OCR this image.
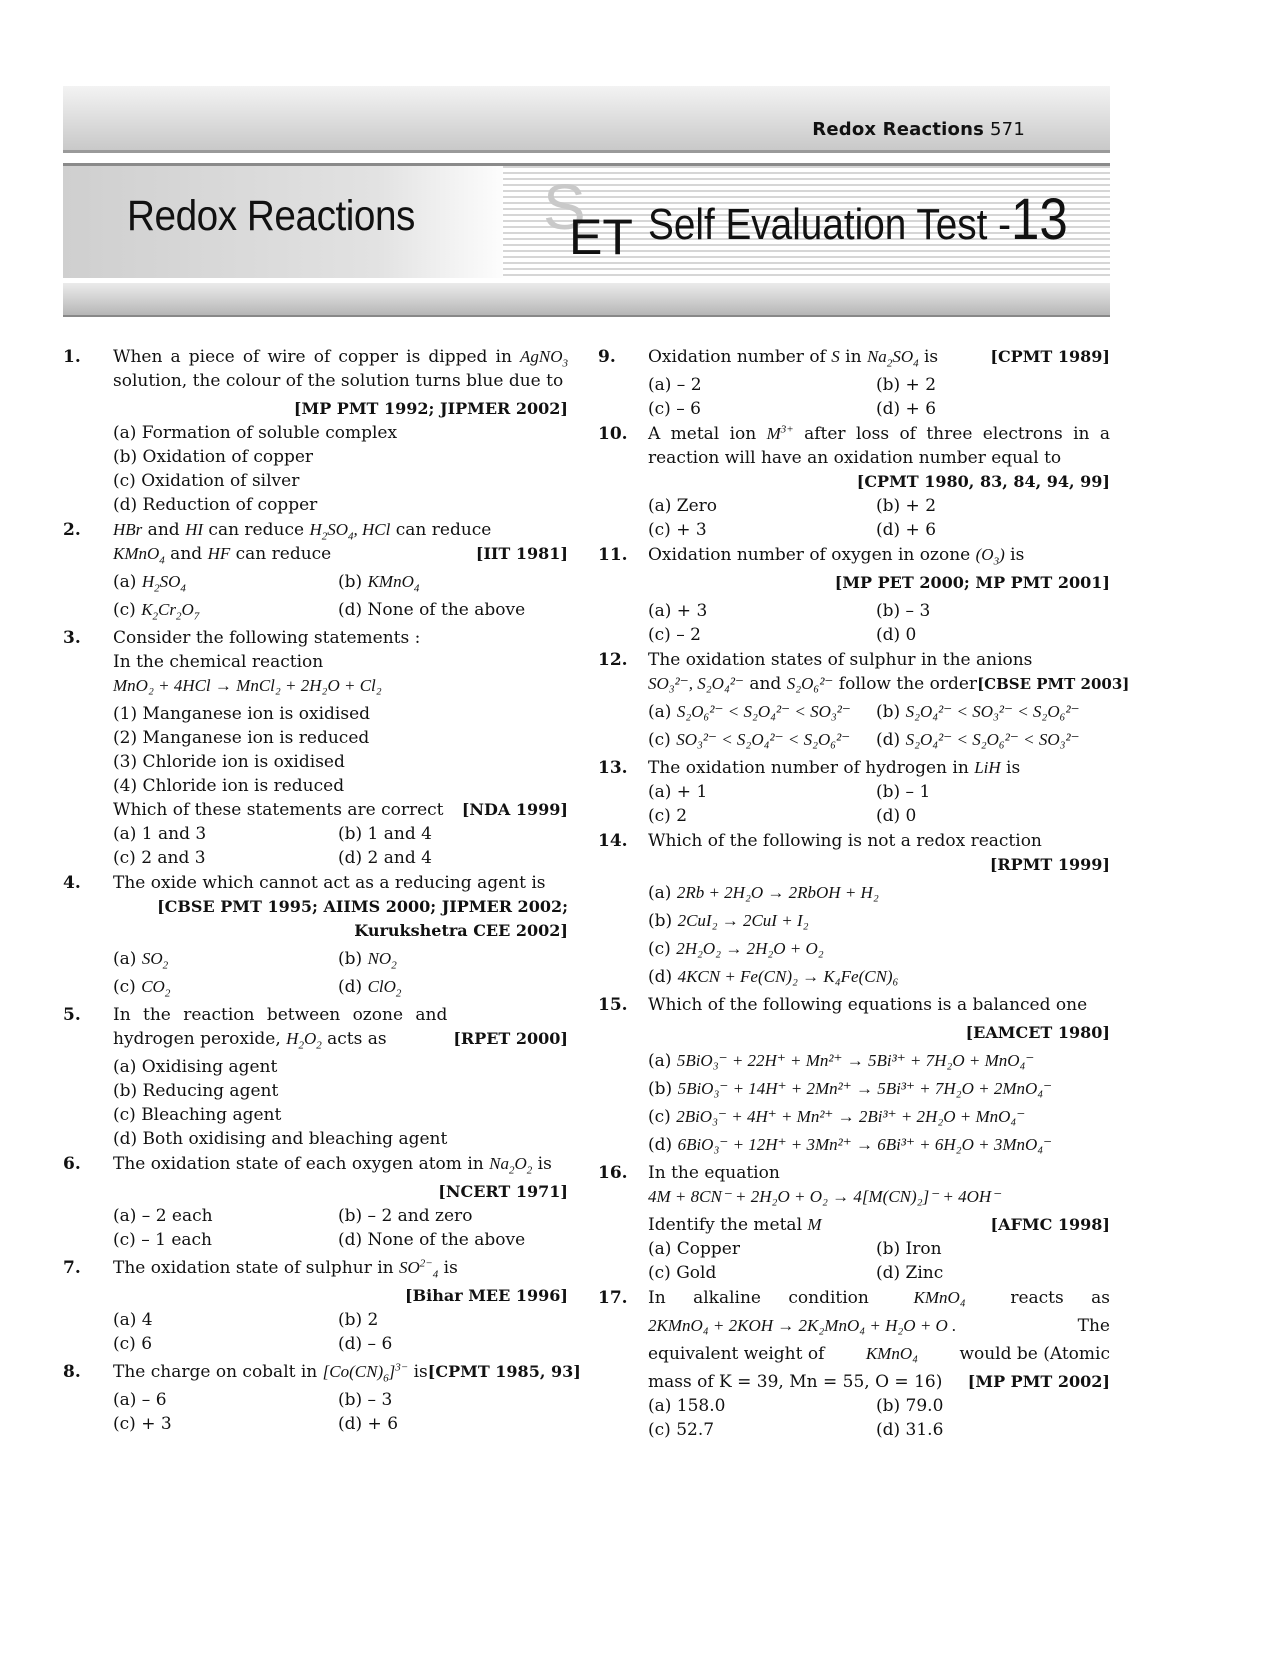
Redox Reactions 571
Redox Reactions S
ET Self Evaluation Test -13
1. When a piece of wire of copper is dipped in AgNO$_3$ solution, the colour of the solution turns blue due to
[MP PMT 1992; JIPMER 2002]
(a) Formation of soluble complex
(b) Oxidation of copper
(c) Oxidation of silver
(d) Reduction of copper
2. HBr and HI can reduce $H_2SO_4$, HCl can reduce
KMnO$_4$ and HF can reduce	[IIT 1981]
(a) $H_2SO_4$	(b) KMnO$_4$
(c) $K_2Cr_2O_7$	(d) None of the above
3. Consider the following statements :
In the chemical reaction
MnO₂ + 4HCl → MnCl₂ + 2H₂O + Cl₂
(1) Manganese ion is oxidised
(2) Manganese ion is reduced
(3) Chloride ion is oxidised
(4) Chloride ion is reduced
Which of these statements are correct [NDA 1999]
(a) 1 and 3	(b) 1 and 4
(c) 2 and 3	(d) 2 and 4
4. The oxide which cannot act as a reducing agent is
[CBSE PMT 1995; AIIMS 2000; JIPMER 2002;
Kurukshetra CEE 2002]
(a) $SO_2$	(b) $NO_2$
(c) $CO_2$	(d) ClO$_2$
5.
[RPET 2000]
In the reaction between ozone and hydrogen peroxide, $H_2O_2$ acts as
(a) Oxidising agent
(b) Reducing agent
(c) Bleaching agent
(d) Both oxidising and bleaching agent
6. The oxidation state of each oxygen atom in $Na_2O_2$ is
[NCERT 1971]
(a) – 2 each	(b) – 2 and zero
(c) – 1 each	(d) None of the above
7. The oxidation state of sulphur in $SO^{2-}_4$ is
[Bihar MEE 1996]
(a) 4	(b) 2
(c) 6	(d) – 6
8. The charge on cobalt in $[Co(CN)_6]^{3-}$ is[CPMT 1985, 93]
(a) – 6	(b) – 3
(c) + 3	(d) + 6
9. Oxidation number of S in $Na_2SO_4$ is	[CPMT 1989]
(a) – 2	(b) + 2
(c) – 6	(d) + 6
10. A metal ion $M^{3+}$ after loss of three electrons in a reaction will have an oxidation number equal to
[CPMT 1980, 83, 84, 94, 99]
(a) Zero	(b) + 2
(c) + 3	(d) + 6
11. Oxidation number of oxygen in ozone $(O_3)$ is
[MP PET 2000; MP PMT 2001]
(a) + 3	(b) – 3
(c) – 2	(d) 0
12. The oxidation states of sulphur in the anions
SO₃²⁻, S₂O₄²⁻ and S₂O₆²⁻ follow the order[CBSE PMT 2003]
(a) S₂O₆²⁻ < S₂O₄²⁻ < SO₃²⁻	(b) S₂O₄²⁻ < SO₃²⁻ < S₂O₆²⁻
(c) SO₃²⁻ < S₂O₄²⁻ < S₂O₆²⁻	(d) S₂O₄²⁻ < S₂O₆²⁻ < SO₃²⁻
13. The oxidation number of hydrogen in LiH is
(a) + 1	(b) – 1
(c) 2	(d) 0
14. Which of the following is not a redox reaction
[RPMT 1999]
(a) 2Rb + 2H₂O → 2RbOH + H₂
(b) 2CuI₂ → 2CuI + I₂
(c) 2H₂O₂ → 2H₂O + O₂
(d) 4KCN + Fe(CN)₂ → K₄Fe(CN)₆
15. Which of the following equations is a balanced one
[EAMCET 1980]
(a) 5BiO₃⁻ + 22H⁺ + Mn²⁺ → 5Bi³⁺ + 7H₂O + MnO₄⁻
(b) 5BiO₃⁻ + 14H⁺ + 2Mn²⁺ → 5Bi³⁺ + 7H₂O + 2MnO₄⁻
(c) 2BiO₃⁻ + 4H⁺ + Mn²⁺ → 2Bi³⁺ + 2H₂O + MnO₄⁻
(d) 6BiO₃⁻ + 12H⁺ + 3Mn²⁺ → 6Bi³⁺ + 6H₂O + 3MnO₄⁻
16. In the equation
4M + 8CN⁻ + 2H₂O + O₂ → 4[M(CN)₂]⁻ + 4OH⁻
Identify the metal M	[AFMC 1998]
(a) Copper	(b) Iron
(c) Gold	(d) Zinc
17. In alkaline condition	KMnO₄	reacts as
2KMnO₄ + 2KOH → 2K₂MnO₄ + H₂O + O .	The
equivalent weight of KMnO₄ would be (Atomic
mass of K = 39, Mn = 55, O = 16) [MP PMT 2002]
(a) 158.0	(b) 79.0
(c) 52.7	(d) 31.6
